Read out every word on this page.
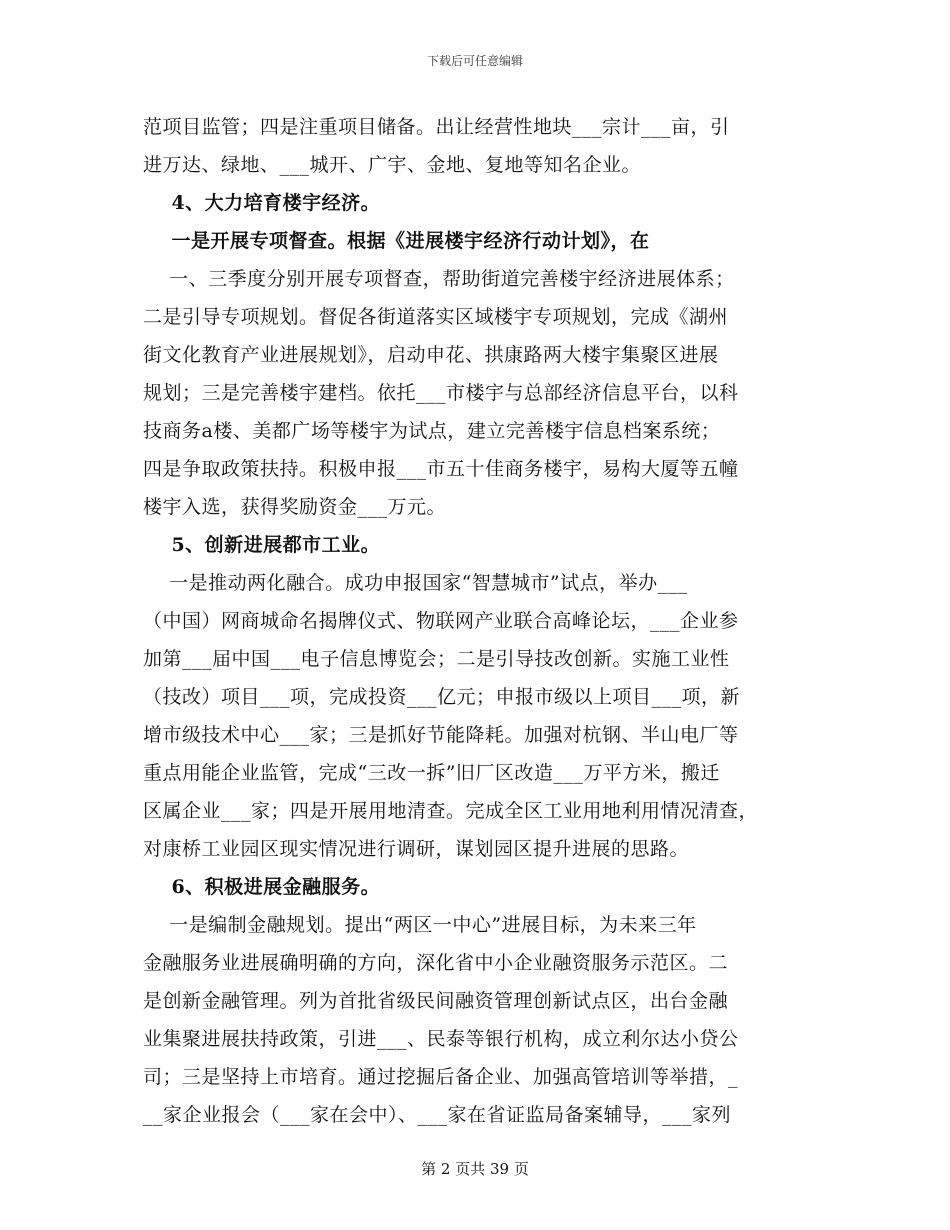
下载后可任意编辑
范项目监管；四是注重项目储备。出让经营性地块___宗计___亩，引
进万达、绿地、___城开、广宇、金地、复地等知名企业。
4、大力培育楼宇经济。
一是开展专项督查。根据《进展楼宇经济行动计划》，在
一、三季度分别开展专项督查，帮助街道完善楼宇经济进展体系；
二是引导专项规划。督促各街道落实区域楼宇专项规划，完成《湖州
街文化教育产业进展规划》，启动申花、拱康路两大楼宇集聚区进展
规划；三是完善楼宇建档。依托___市楼宇与总部经济信息平台，以科
技商务a楼、美都广场等楼宇为试点，建立完善楼宇信息档案系统；
四是争取政策扶持。积极申报___市五十佳商务楼宇，易构大厦等五幢
楼宇入选，获得奖励资金___万元。
5、创新进展都市工业。
一是推动两化融合。成功申报国家“智慧城市”试点，举办___
（中国）网商城命名揭牌仪式、物联网产业联合高峰论坛，___企业参
加第___届中国___电子信息博览会；二是引导技改创新。实施工业性
（技改）项目___项，完成投资___亿元；申报市级以上项目___项，新
增市级技术中心___家；三是抓好节能降耗。加强对杭钢、半山电厂等
重点用能企业监管，完成“三改一拆”旧厂区改造___万平方米，搬迁
区属企业___家；四是开展用地清查。完成全区工业用地利用情况清查，
对康桥工业园区现实情况进行调研，谋划园区提升进展的思路。
6、积极进展金融服务。
一是编制金融规划。提出“两区一中心”进展目标，为未来三年
金融服务业进展确明确的方向，深化省中小企业融资服务示范区。二
是创新金融管理。列为首批省级民间融资管理创新试点区，出台金融
业集聚进展扶持政策，引进___、民泰等银行机构，成立利尔达小贷公
司；三是坚持上市培育。通过挖掘后备企业、加强高管培训等举措，_
__家企业报会（___家在会中）、___家在省证监局备案辅导，___家列
第 2 页共 39 页
